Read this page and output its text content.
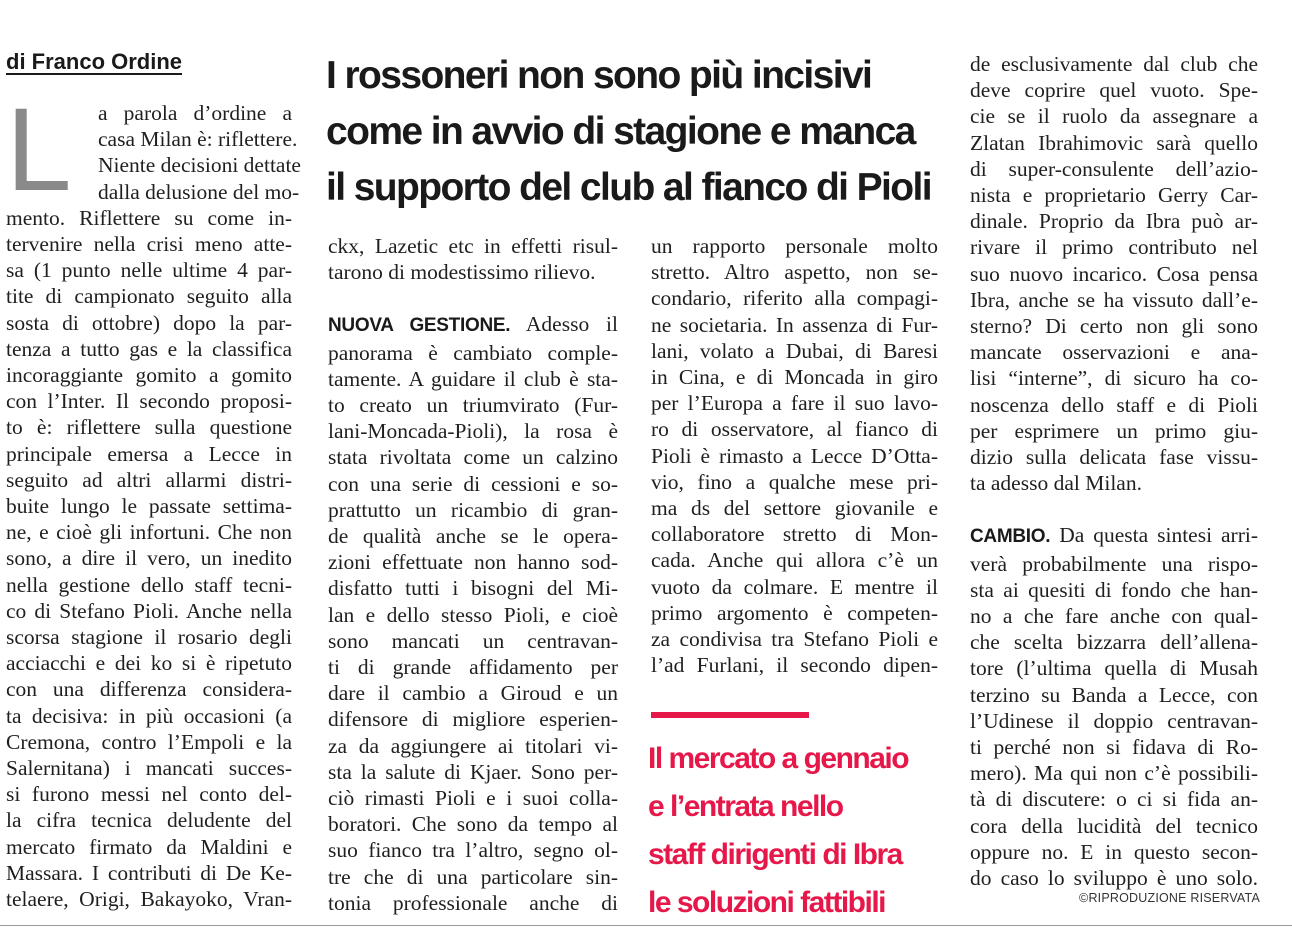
di Franco Ordine
L
I rossoneri non sono più incisivi
come in avvio di stagione e manca
il supporto del club al fianco di Pioli
a parola d’ordine a
casa Milan è: riflettere.
Niente decisioni dettate
dalla delusione del mo-
mento. Riflettere su come in-
tervenire nella crisi meno atte-
sa (1 punto nelle ultime 4 par-
tite di campionato seguito alla
sosta di ottobre) dopo la par-
tenza a tutto gas e la classifica
incoraggiante gomito a gomito
con l’Inter. Il secondo proposi-
to è: riflettere sulla questione
principale emersa a Lecce in
seguito ad altri allarmi distri-
buite lungo le passate settima-
ne, e cioè gli infortuni. Che non
sono, a dire il vero, un inedito
nella gestione dello staff tecni-
co di Stefano Pioli. Anche nella
scorsa stagione il rosario degli
acciacchi e dei ko si è ripetuto
con una differenza considera-
ta decisiva: in più occasioni (a
Cremona, contro l’Empoli e la
Salernitana) i mancati succes-
si furono messi nel conto del-
la cifra tecnica deludente del
mercato firmato da Maldini e
Massara. I contributi di De Ke-
telaere, Origi, Bakayoko, Vran-
ckx, Lazetic etc in effetti risul-
tarono di modestissimo rilievo.
NUOVA GESTIONE. Adesso il
panorama è cambiato comple-
tamente. A guidare il club è sta-
to creato un triumvirato (Fur-
lani-Moncada-Pioli), la rosa è
stata rivoltata come un calzino
con una serie di cessioni e so-
prattutto un ricambio di gran-
de qualità anche se le opera-
zioni effettuate non hanno sod-
disfatto tutti i bisogni del Mi-
lan e dello stesso Pioli, e cioè
sono mancati un centravan-
ti di grande affidamento per
dare il cambio a Giroud e un
difensore di migliore esperien-
za da aggiungere ai titolari vi-
sta la salute di Kjaer. Sono per-
ciò rimasti Pioli e i suoi colla-
boratori. Che sono da tempo al
suo fianco tra l’altro, segno ol-
tre che di una particolare sin-
tonia professionale anche di
un rapporto personale molto
stretto. Altro aspetto, non se-
condario, riferito alla compagi-
ne societaria. In assenza di Fur-
lani, volato a Dubai, di Baresi
in Cina, e di Moncada in giro
per l’Europa a fare il suo lavo-
ro di osservatore, al fianco di
Pioli è rimasto a Lecce D’Otta-
vio, fino a qualche mese pri-
ma ds del settore giovanile e
collaboratore stretto di Mon-
cada. Anche qui allora c’è un
vuoto da colmare. E mentre il
primo argomento è competen-
za condivisa tra Stefano Pioli e
l’ad Furlani, il secondo dipen-
Il mercato a gennaio
e l’entrata nello
staff dirigenti di Ibra
le soluzioni fattibili
de esclusivamente dal club che
deve coprire quel vuoto. Spe-
cie se il ruolo da assegnare a
Zlatan Ibrahimovic sarà quello
di super-consulente dell’azio-
nista e proprietario Gerry Car-
dinale. Proprio da Ibra può ar-
rivare il primo contributo nel
suo nuovo incarico. Cosa pensa
Ibra, anche se ha vissuto dall’e-
sterno? Di certo non gli sono
mancate osservazioni e ana-
lisi “interne”, di sicuro ha co-
noscenza dello staff e di Pioli
per esprimere un primo giu-
dizio sulla delicata fase vissu-
ta adesso dal Milan.
CAMBIO. Da questa sintesi arri-
verà probabilmente una rispo-
sta ai quesiti di fondo che han-
no a che fare anche con qual-
che scelta bizzarra dell’allena-
tore (l’ultima quella di Musah
terzino su Banda a Lecce, con
l’Udinese il doppio centravan-
ti perché non si fidava di Ro-
mero). Ma qui non c’è possibili-
tà di discutere: o ci si fida an-
cora della lucidità del tecnico
oppure no. E in questo secon-
do caso lo sviluppo è uno solo.
©RIPRODUZIONE RISERVATA
